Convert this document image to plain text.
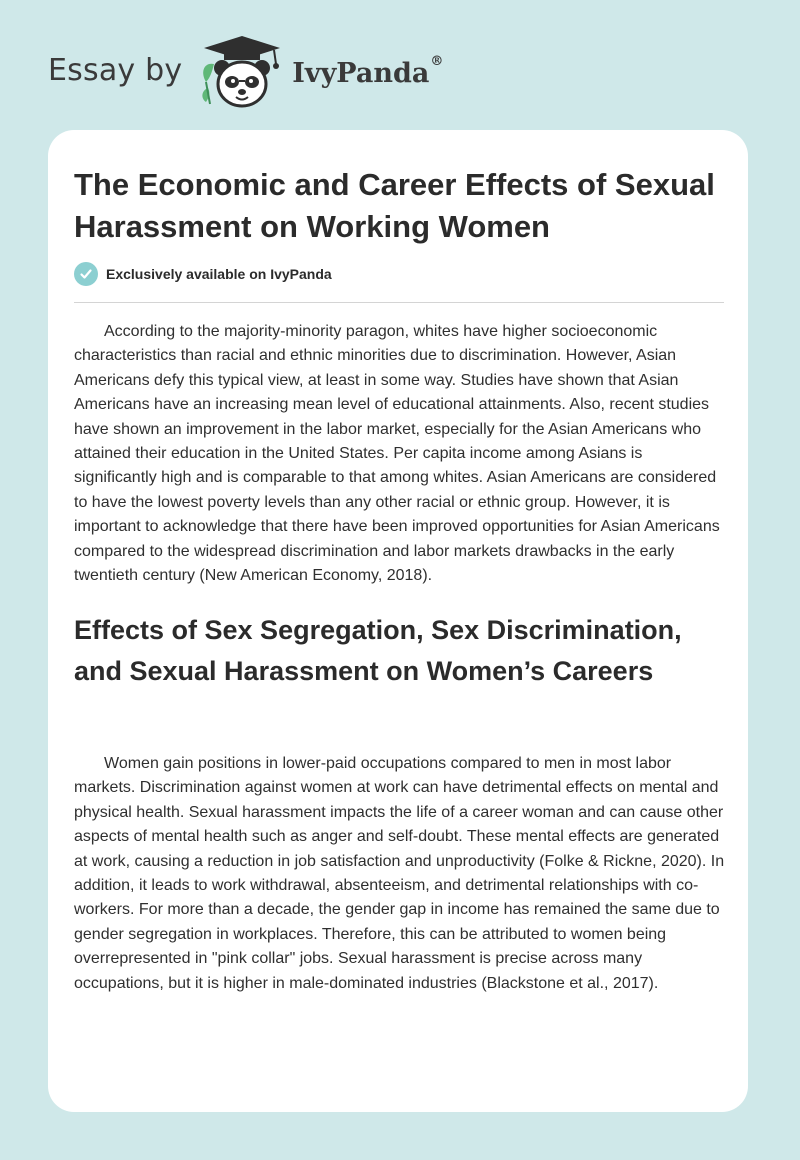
Essay by	IvyPanda®
The Economic and Career Effects of Sexual Harassment on Working Women
Exclusively available on IvyPanda

According to the majority-minority paragon, whites have higher socioeconomic characteristics than racial and ethnic minorities due to discrimination. However, Asian Americans defy this typical view, at least in some way. Studies have shown that Asian Americans have an increasing mean level of educational attainments. Also, recent studies have shown an improvement in the labor market, especially for the Asian Americans who attained their education in the United States. Per capita income among Asians is significantly high and is comparable to that among whites. Asian Americans are considered to have the lowest poverty levels than any other racial or ethnic group. However, it is important to acknowledge that there have been improved opportunities for Asian Americans compared to the widespread discrimination and labor markets drawbacks in the early twentieth century (New American Economy, 2018).

Effects of Sex Segregation, Sex Discrimination, and Sexual Harassment on Women’s Careers

Women gain positions in lower-paid occupations compared to men in most labor markets. Discrimination against women at work can have detrimental effects on mental and physical health. Sexual harassment impacts the life of a career woman and can cause other aspects of mental health such as anger and self-doubt. These mental effects are generated at work, causing a reduction in job satisfaction and unproductivity (Folke & Rickne, 2020). In addition, it leads to work withdrawal, absenteeism, and detrimental relationships with co-workers. For more than a decade, the gender gap in income has remained the same due to gender segregation in workplaces. Therefore, this can be attributed to women being overrepresented in "pink collar" jobs. Sexual harassment is precise across many occupations, but it is higher in male-dominated industries (Blackstone et al., 2017).
